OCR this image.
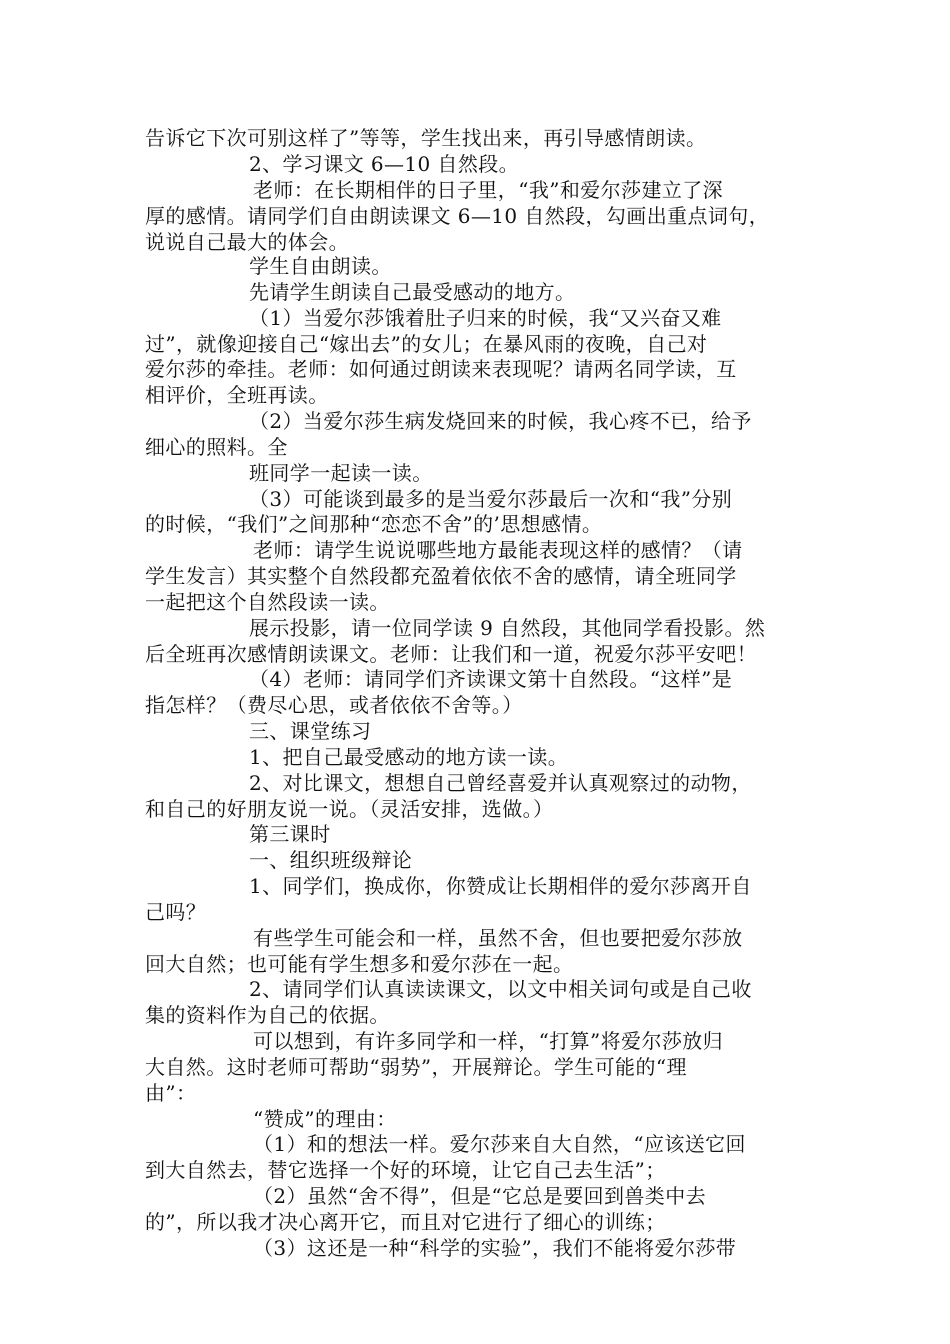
告诉它下次可别这样了”等等，学生找出来，再引导感情朗读。
2、学习课文 6—10 自然段。
老师：在长期相伴的日子里，“我”和爱尔莎建立了深
厚的感情。请同学们自由朗读课文 6—10 自然段，勾画出重点词句，
说说自己最大的体会。
学生自由朗读。
先请学生朗读自己最受感动的地方。
（1）当爱尔莎饿着肚子归来的时候，我“又兴奋又难
过”，就像迎接自己“嫁出去”的女儿；在暴风雨的夜晚，自己对
爱尔莎的牵挂。老师：如何通过朗读来表现呢？请两名同学读，互
相评价，全班再读。
（2）当爱尔莎生病发烧回来的时候，我心疼不已，给予
细心的照料。全
班同学一起读一读。
（3）可能谈到最多的是当爱尔莎最后一次和“我”分别
的时候，“我们”之间那种“恋恋不舍”的’思想感情。
老师：请学生说说哪些地方最能表现这样的感情？（请
学生发言）其实整个自然段都充盈着依依不舍的感情，请全班同学
一起把这个自然段读一读。
展示投影，请一位同学读 9 自然段，其他同学看投影。然
后全班再次感情朗读课文。老师：让我们和一道，祝爱尔莎平安吧！
（4）老师：请同学们齐读课文第十自然段。“这样”是
指怎样？（费尽心思，或者依依不舍等。）
三、课堂练习
1、把自己最受感动的地方读一读。
2、对比课文，想想自己曾经喜爱并认真观察过的动物，
和自己的好朋友说一说。（灵活安排，选做。）
第三课时
一、组织班级辩论
1、同学们，换成你，你赞成让长期相伴的爱尔莎离开自
己吗？
有些学生可能会和一样，虽然不舍，但也要把爱尔莎放
回大自然；也可能有学生想多和爱尔莎在一起。
2、请同学们认真读读课文，以文中相关词句或是自己收
集的资料作为自己的依据。
可以想到，有许多同学和一样，“打算”将爱尔莎放归
大自然。这时老师可帮助“弱势”，开展辩论。学生可能的“理
由”：
“赞成”的理由：
（1）和的想法一样。爱尔莎来自大自然，“应该送它回
到大自然去，替它选择一个好的环境，让它自己去生活”；
（2）虽然“舍不得”，但是“它总是要回到兽类中去
的”，所以我才决心离开它，而且对它进行了细心的训练；
（3）这还是一种“科学的实验”，我们不能将爱尔莎带
